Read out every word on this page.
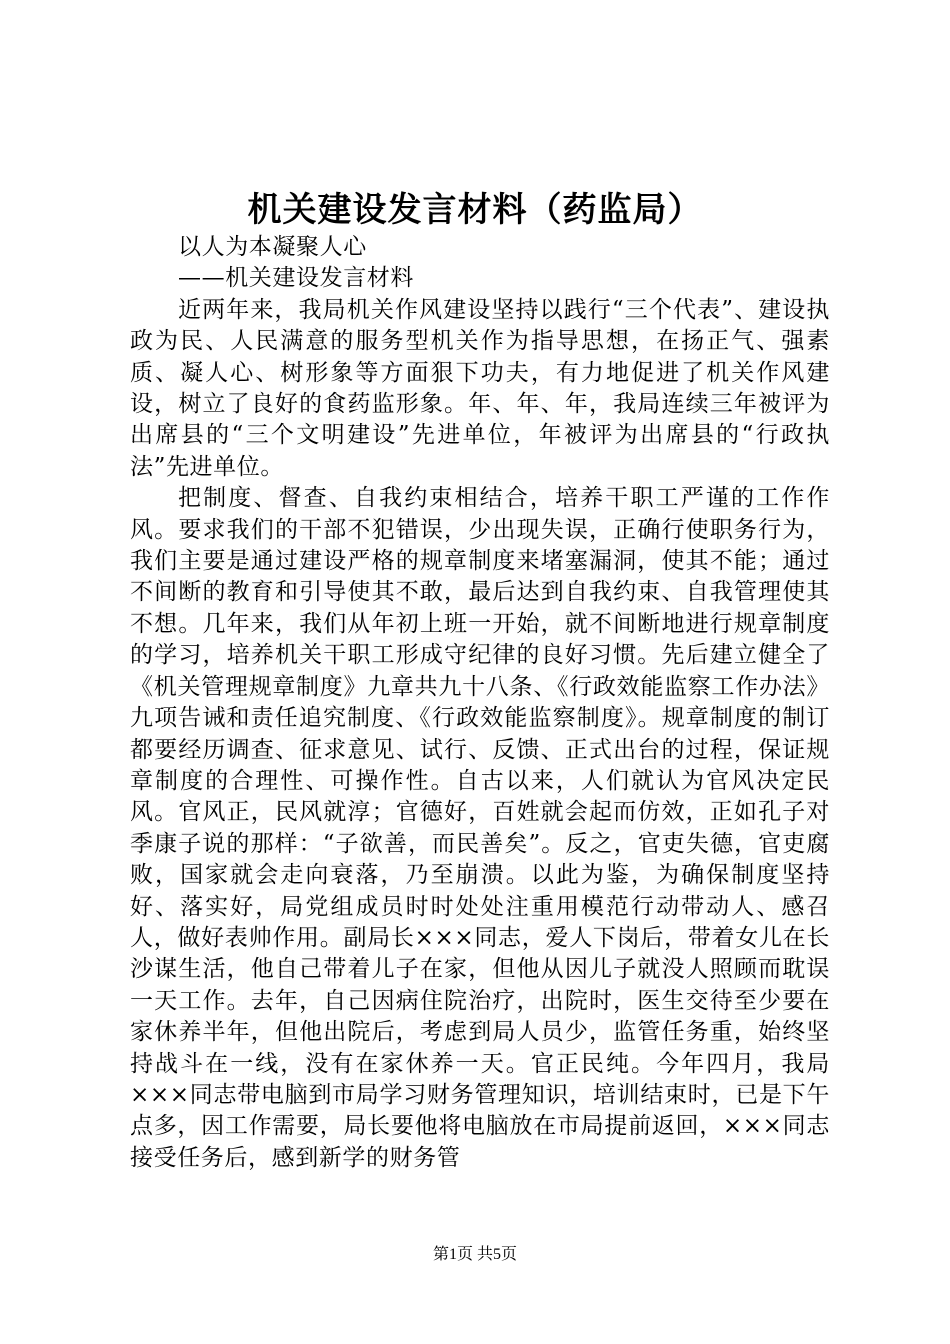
机关建设发言材料（药监局）

以人为本凝聚人心

——机关建设发言材料

近两年来，我局机关作风建设坚持以践行“三个代表”、建设执政为民、人民满意的服务型机关作为指导思想，在扬正气、强素质、凝人心、树形象等方面狠下功夫，有力地促进了机关作风建设，树立了良好的食药监形象。年、年、年，我局连续三年被评为出席县的“三个文明建设”先进单位，年被评为出席县的“行政执法”先进单位。

把制度、督查、自我约束相结合，培养干职工严谨的工作作风。要求我们的干部不犯错误，少出现失误，正确行使职务行为，我们主要是通过建设严格的规章制度来堵塞漏洞，使其不能；通过不间断的教育和引导使其不敢，最后达到自我约束、自我管理使其不想。几年来，我们从年初上班一开始，就不间断地进行规章制度的学习，培养机关干职工形成守纪律的良好习惯。先后建立健全了《机关管理规章制度》九章共九十八条、《行政效能监察工作办法》九项告诫和责任追究制度、《行政效能监察制度》。规章制度的制订都要经历调查、征求意见、试行、反馈、正式出台的过程，保证规章制度的合理性、可操作性。自古以来，人们就认为官风决定民风。官风正，民风就淳；官德好，百姓就会起而仿效，正如孔子对季康子说的那样：“子欲善，而民善矣”。反之，官吏失德，官吏腐败，国家就会走向衰落，乃至崩溃。以此为鉴，为确保制度坚持好、落实好，局党组成员时时处处注重用模范行动带动人、感召人，做好表帅作用。副局长×××同志，爱人下岗后，带着女儿在长沙谋生活，他自己带着儿子在家，但他从因儿子就没人照顾而耽误一天工作。去年，自己因病住院治疗，出院时，医生交待至少要在家休养半年，但他出院后，考虑到局人员少，监管任务重，始终坚持战斗在一线，没有在家休养一天。官正民纯。今年四月，我局×××同志带电脑到市局学习财务管理知识，培训结束时，已是下午点多，因工作需要，局长要他将电脑放在市局提前返回，×××同志接受任务后，感到新学的财务管

第1页 共5页
